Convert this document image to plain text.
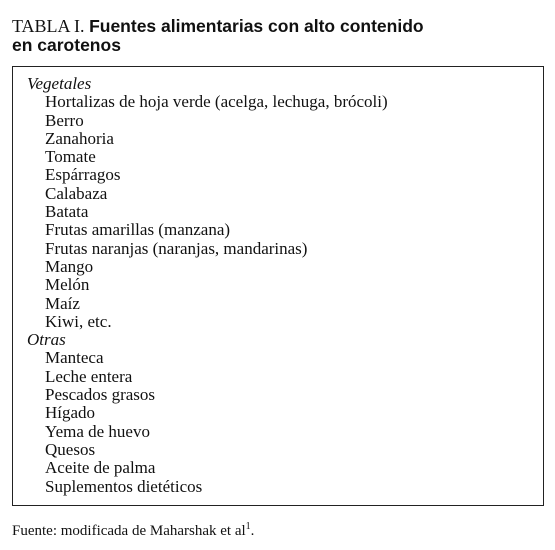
TABLA I. Fuentes alimentarias con alto contenido
en carotenos

Vegetales

Hortalizas de hoja verde (acelga, lechuga, brócoli)

Berro

Zanahoria

Tomate

Espárragos

Calabaza

Batata

Frutas amarillas (manzana)

Frutas naranjas (naranjas, mandarinas)

Mango

Melón

Maíz

Kiwi, etc.

Otras

Manteca

Leche entera

Pescados grasos

Hígado

Yema de huevo

Quesos

Aceite de palma

Suplementos dietéticos

Fuente: modificada de Maharshak et $al^1$.
